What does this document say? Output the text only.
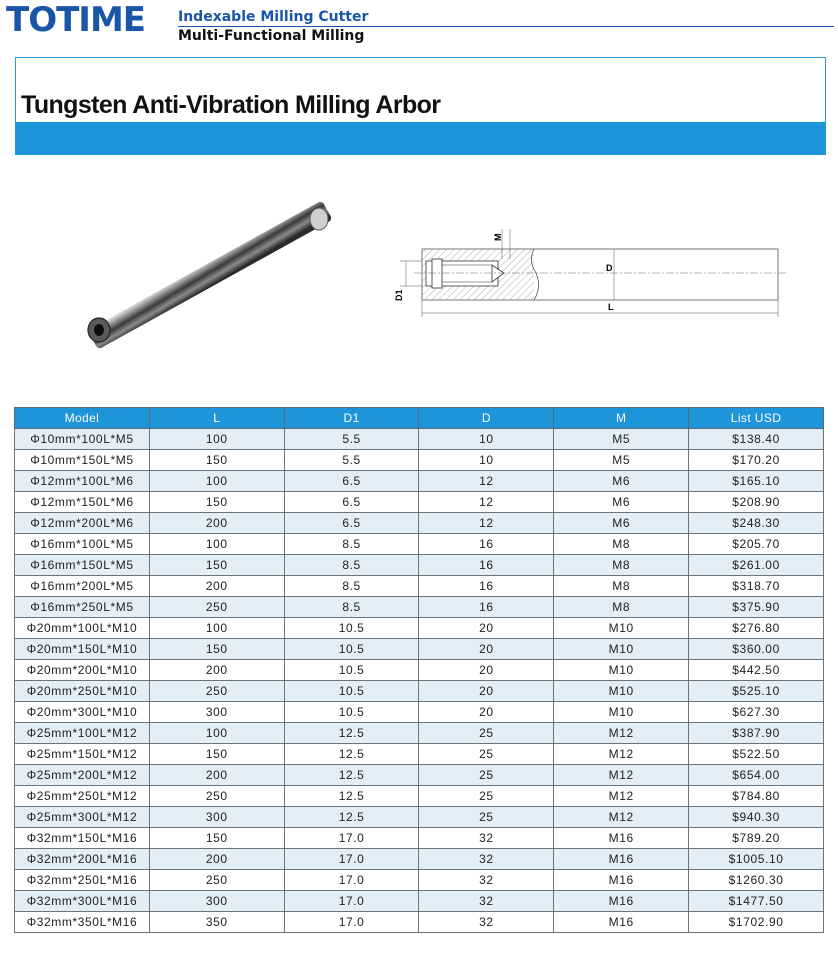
TOTIME Indexable Milling Cutter
Multi-Functional Milling
Tungsten Anti-Vibration Milling Arbor
M
D
D1
L
Model	L	D1	D	M	List USD
Φ10mm*100L*M5	100	5.5	10	M5	$138.40
Φ10mm*150L*M5	150	5.5	10	M5	$170.20
Φ12mm*100L*M6	100	6.5	12	M6	$165.10
Φ12mm*150L*M6	150	6.5	12	M6	$208.90
Φ12mm*200L*M6	200	6.5	12	M6	$248.30
Φ16mm*100L*M5	100	8.5	16	M8	$205.70
Φ16mm*150L*M5	150	8.5	16	M8	$261.00
Φ16mm*200L*M5	200	8.5	16	M8	$318.70
Φ16mm*250L*M5	250	8.5	16	M8	$375.90
Φ20mm*100L*M10	100	10.5	20	M10	$276.80
Φ20mm*150L*M10	150	10.5	20	M10	$360.00
Φ20mm*200L*M10	200	10.5	20	M10	$442.50
Φ20mm*250L*M10	250	10.5	20	M10	$525.10
Φ20mm*300L*M10	300	10.5	20	M10	$627.30
Φ25mm*100L*M12	100	12.5	25	M12	$387.90
Φ25mm*150L*M12	150	12.5	25	M12	$522.50
Φ25mm*200L*M12	200	12.5	25	M12	$654.00
Φ25mm*250L*M12	250	12.5	25	M12	$784.80
Φ25mm*300L*M12	300	12.5	25	M12	$940.30
Φ32mm*150L*M16	150	17.0	32	M16	$789.20
Φ32mm*200L*M16	200	17.0	32	M16	$1005.10
Φ32mm*250L*M16	250	17.0	32	M16	$1260.30
Φ32mm*300L*M16	300	17.0	32	M16	$1477.50
Φ32mm*350L*M16	350	17.0	32	M16	$1702.90
